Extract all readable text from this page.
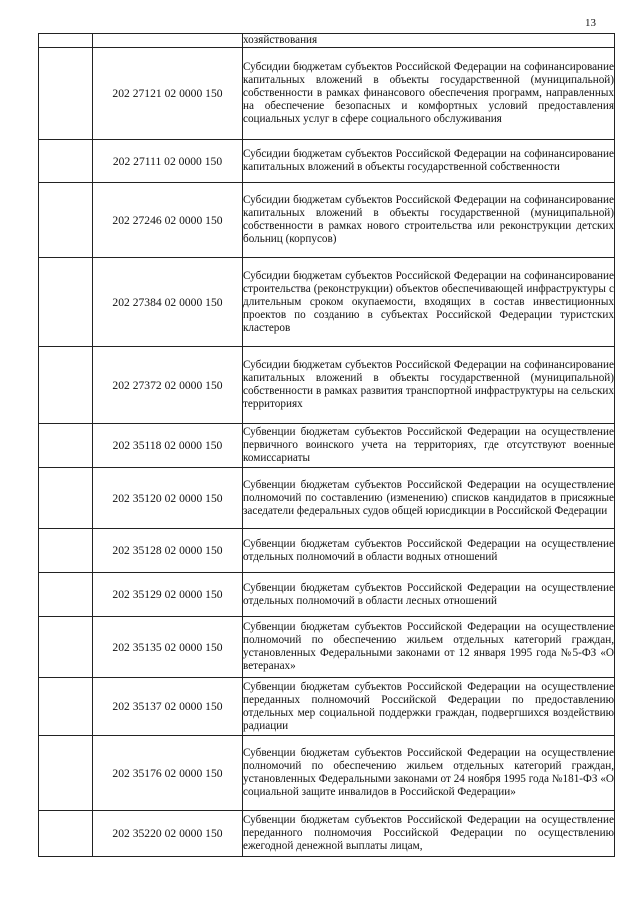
13

		хозяйствования

	202 27121 02 0000 150	Субсидии бюджетам субъектов Российской Федерации на софинансирование капитальных вложений в объекты государственной (муниципальной) собственности в рамках финансового обеспечения программ, направленных на обеспечение безопасных и комфортных условий предоставления социальных услуг в сфере социального обслуживания

	202 27111 02 0000 150	Субсидии бюджетам субъектов Российской Федерации на софинансирование капитальных вложений в объекты государственной собственности

	202 27246 02 0000 150	Субсидии бюджетам субъектов Российской Федерации на софинансирование капитальных вложений в объекты государственной (муниципальной) собственности в рамках нового строительства или реконструкции детских больниц (корпусов)

	202 27384 02 0000 150	Субсидии бюджетам субъектов Российской Федерации на софинансирование строительства (реконструкции) объектов обеспечивающей инфраструктуры с длительным сроком окупаемости, входящих в состав инвестиционных проектов по созданию в субъектах Российской Федерации туристских кластеров

	202 27372 02 0000 150	Субсидии бюджетам субъектов Российской Федерации на софинансирование капитальных вложений в объекты государственной (муниципальной) собственности в рамках развития транспортной инфраструктуры на сельских территориях

	202 35118 02 0000 150	Субвенции бюджетам субъектов Российской Федерации на осуществление первичного воинского учета на территориях, где отсутствуют военные комиссариаты

	202 35120 02 0000 150	Субвенции бюджетам субъектов Российской Федерации на осуществление полномочий по составлению (изменению) списков кандидатов в присяжные заседатели федеральных судов общей юрисдикции в Российской Федерации

	202 35128 02 0000 150	Субвенции бюджетам субъектов Российской Федерации на осуществление отдельных полномочий в области водных отношений

	202 35129 02 0000 150	Субвенции бюджетам субъектов Российской Федерации на осуществление отдельных полномочий в области лесных отношений

	202 35135 02 0000 150	Субвенции бюджетам субъектов Российской Федерации на осуществление полномочий по обеспечению жильем отдельных категорий граждан, установленных Федеральными законами от 12 января 1995 года №5-ФЗ «О ветеранах»

	202 35137 02 0000 150	Субвенции бюджетам субъектов Российской Федерации на осуществление переданных полномочий Российской Федерации по предоставлению отдельных мер социальной поддержки граждан, подвергшихся воздействию радиации

	202 35176 02 0000 150	Субвенции бюджетам субъектов Российской Федерации на осуществление полномочий по обеспечению жильем отдельных категорий граждан, установленных Федеральными законами от 24 ноября 1995 года №181-ФЗ «О социальной защите инвалидов в Российской Федерации»

	202 35220 02 0000 150	Субвенции бюджетам субъектов Российской Федерации на осуществление переданного полномочия Российской Федерации по осуществлению ежегодной денежной выплаты лицам,
